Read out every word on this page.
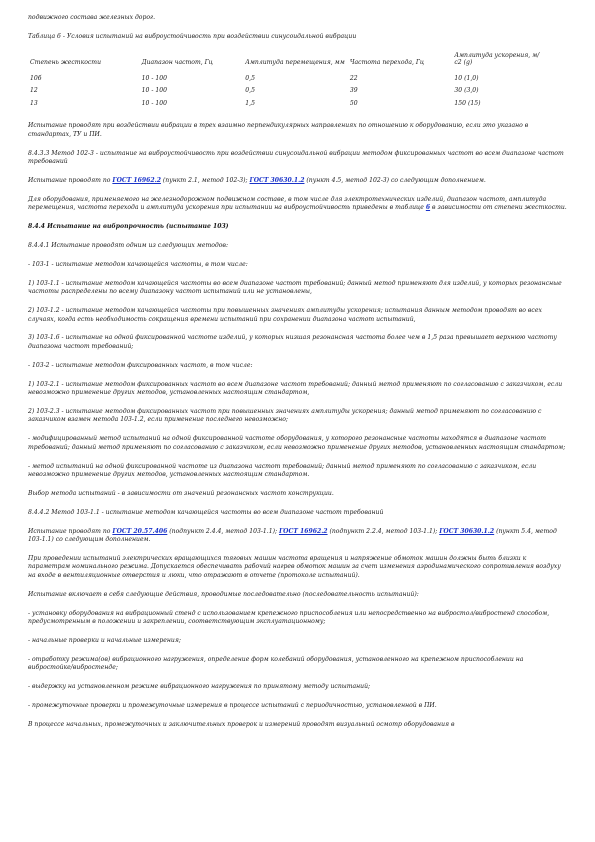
подвижного состава железных дорог.

Таблица 6 - Условия испытаний на виброустойчивость при воздействии синусоидальной вибрации

Степень жесткости	Диапазон частот, Гц	Амплитуда перемещения, мм	Частота перехода, Гц	Амплитуда ускорения, м/с2 (g)
10б	10 - 100	0,5	22	10 (1,0)
12	10 - 100	0,5	39	30 (3,0)
13	10 - 100	1,5	50	150 (15)

Испытание проводят при воздействии вибрации в трех взаимно перпендикулярных направлениях по отношению к оборудованию, если это указано в стандартах, ТУ и ПИ.

8.4.3.3 Метод 102-3 - испытание на виброустойчивость при воздействии синусоидальной вибрации методом фиксированных частот во всем диапазоне частот требований

Испытание проводят по ГОСТ 16962.2 (пункт 2.1, метод 102-3); ГОСТ 30630.1.2 (пункт 4.5, метод 102-3) со следующим дополнением.

Для оборудования, применяемого на железнодорожном подвижном составе, в том числе для электротехнических изделий, диапазон частот, амплитуда перемещения, частота перехода и амплитуда ускорения при испытании на виброустойчивость приведены в таблице 6 в зависимости от степени жесткости.

8.4.4 Испытание на вибропрочность (испытание 103)

8.4.4.1 Испытание проводят одним из следующих методов:

- 103-1 - испытание методом качающейся частоты, в том числе:

1) 103-1.1 - испытание методом качающейся частоты во всем диапазоне частот требований; данный метод применяют для изделий, у которых резонансные частоты распределены по всему диапазону частот испытаний или не установлены,

2) 103-1.2 - испытание методом качающейся частоты при повышенных значениях амплитуды ускорения; испытания данным методом проводят во всех случаях, когда есть необходимость сокращения времени испытаний при сохранении диапазона частот испытаний,

3) 103-1.6 - испытание на одной фиксированной частоте изделий, у которых низшая резонансная частота более чем в 1,5 раза превышает верхнюю частоту диапазона частот требований;

- 103-2 - испытание методом фиксированных частот, в том числе:

1) 103-2.1 - испытание методом фиксированных частот во всем диапазоне частот требований; данный метод применяют по согласованию с заказчиком, если невозможно применение других методов, установленных настоящим стандартом,

2) 103-2.3 - испытание методом фиксированных частот при повышенных значениях амплитуды ускорения; данный метод применяют по согласованию с заказчиком взамен метода 103-1.2, если применение последнего невозможно;

- модифицированный метод испытаний на одной фиксированной частоте оборудования, у которого резонансные частоты находятся в диапазоне частот требований; данный метод применяют по согласованию с заказчиком, если невозможно применение других методов, установленных настоящим стандартом;

- метод испытаний на одной фиксированной частоте из диапазона частот требований; данный метод применяют по согласованию с заказчиком, если невозможно применение других методов, установленных настоящим стандартом.

Выбор метода испытаний - в зависимости от значений резонансных частот конструкции.

8.4.4.2 Метод 103-1.1 - испытание методом качающейся частоты во всем диапазоне частот требований

Испытание проводят по ГОСТ 20.57.406 (подпункт 2.4.4, метод 103-1.1); ГОСТ 16962.2 (подпункт 2.2.4, метод 103-1.1); ГОСТ 30630.1.2 (пункт 5.4, метод 103-1.1) со следующим дополнением.

При проведении испытаний электрических вращающихся тяговых машин частота вращения и напряжение обмоток машин должны быть близки к параметрам номинального режима. Допускается обеспечивать рабочий нагрев обмоток машин за счет изменения аэродинамического сопротивления воздуху на входе в вентиляционные отверстия и люки, что отражают в отчете (протоколе испытаний).

Испытание включает в себя следующие действия, проводимые последовательно (последовательность испытаний):

- установку оборудования на вибрационный стенд с использованием крепежного приспособления или непосредственно на вибростол/вибростенд способом, предусмотренным в положении и закреплении, соответствующим эксплуатационному;

- начальные проверки и начальные измерения;

- отработку режима(ов) вибрационного нагружения, определение форм колебаний оборудования, установленного на крепежном приспособлении на вибростойке/вибростенде;

- выдержку на установленном режиме вибрационного нагружения по принятому методу испытаний;

- промежуточные проверки и промежуточные измерения в процессе испытаний с периодичностью, установленной в ПИ.

В процессе начальных, промежуточных и заключительных проверок и измерений проводят визуальный осмотр оборудования в
